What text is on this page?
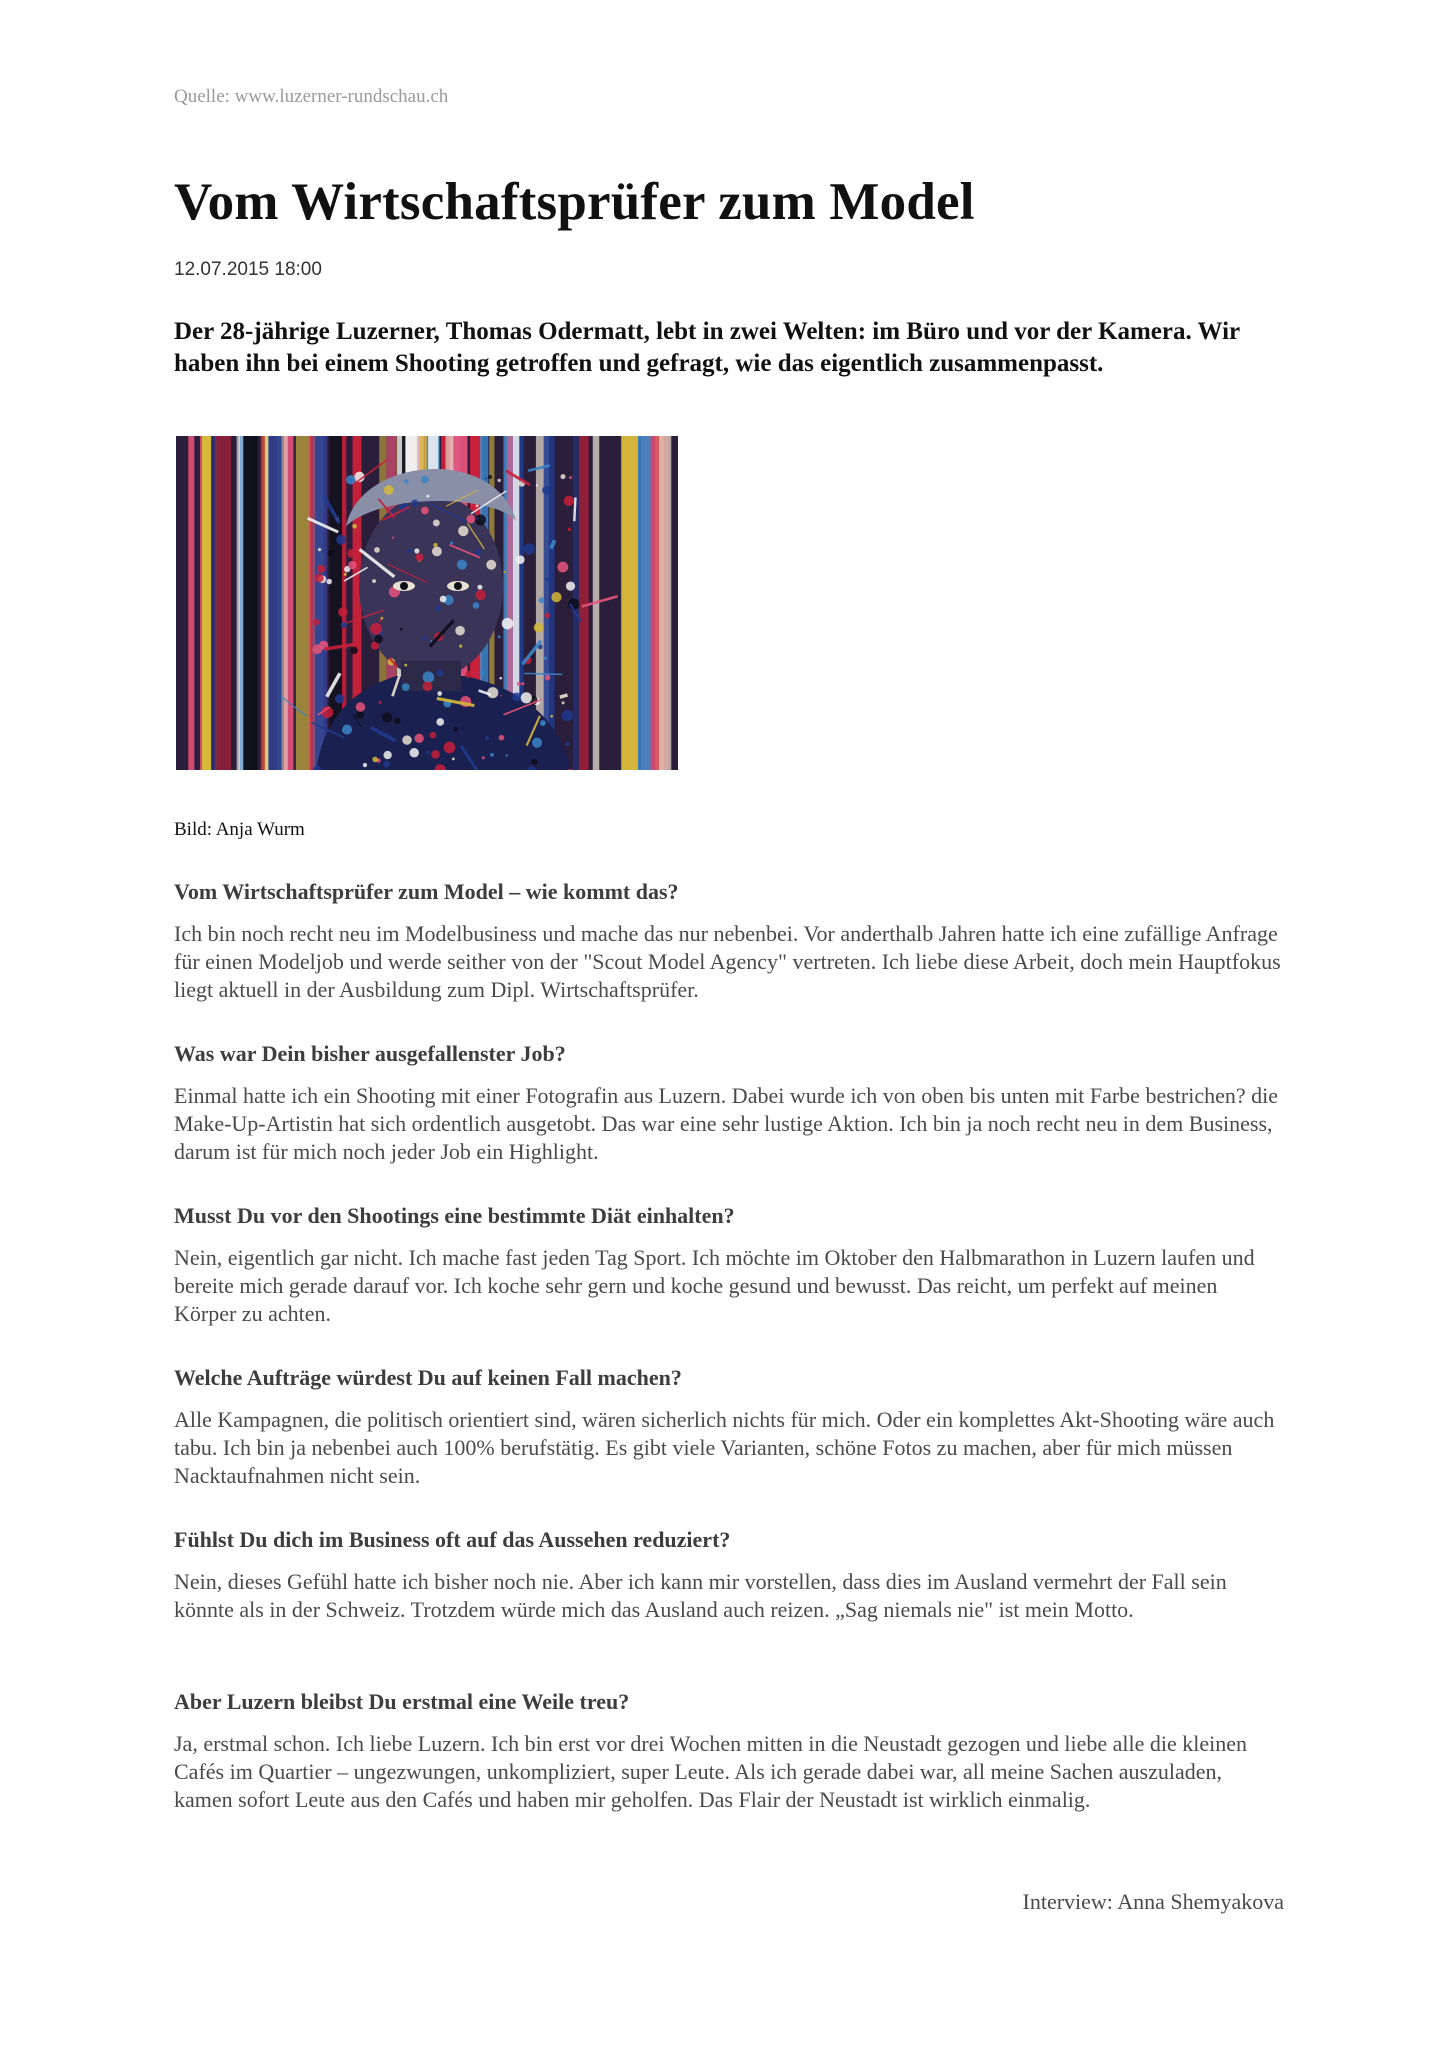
Quelle: www.luzerner-rundschau.ch
Vom Wirtschaftsprüfer zum Model
12.07.2015 18:00

Der 28-jährige Luzerner, Thomas Odermatt, lebt in zwei Welten: im Büro und vor der Kamera. Wir haben ihn bei einem Shooting getroffen und gefragt, wie das eigentlich zusammenpasst.

Bild: Anja Wurm

Vom Wirtschaftsprüfer zum Model – wie kommt das?

Ich bin noch recht neu im Modelbusiness und mache das nur nebenbei. Vor anderthalb Jahren hatte ich eine zufällige Anfrage für einen Modeljob und werde seither von der "Scout Model Agency" vertreten. Ich liebe diese Arbeit, doch mein Hauptfokus liegt aktuell in der Ausbildung zum Dipl. Wirtschaftsprüfer.

Was war Dein bisher ausgefallenster Job?

Einmal hatte ich ein Shooting mit einer Fotografin aus Luzern. Dabei wurde ich von oben bis unten mit Farbe bestrichen? die Make-Up-Artistin hat sich ordentlich ausgetobt. Das war eine sehr lustige Aktion. Ich bin ja noch recht neu in dem Business, darum ist für mich noch jeder Job ein Highlight.

Musst Du vor den Shootings eine bestimmte Diät einhalten?

Nein, eigentlich gar nicht. Ich mache fast jeden Tag Sport. Ich möchte im Oktober den Halbmarathon in Luzern laufen und bereite mich gerade darauf vor. Ich koche sehr gern und koche gesund und bewusst. Das reicht, um perfekt auf meinen Körper zu achten.

Welche Aufträge würdest Du auf keinen Fall machen?

Alle Kampagnen, die politisch orientiert sind, wären sicherlich nichts für mich. Oder ein komplettes Akt-Shooting wäre auch tabu. Ich bin ja nebenbei auch 100% berufstätig. Es gibt viele Varianten, schöne Fotos zu machen, aber für mich müssen Nacktaufnahmen nicht sein.

Fühlst Du dich im Business oft auf das Aussehen reduziert?

Nein, dieses Gefühl hatte ich bisher noch nie. Aber ich kann mir vorstellen, dass dies im Ausland vermehrt der Fall sein könnte als in der Schweiz. Trotzdem würde mich das Ausland auch reizen. „Sag niemals nie" ist mein Motto.

Aber Luzern bleibst Du erstmal eine Weile treu?

Ja, erstmal schon. Ich liebe Luzern. Ich bin erst vor drei Wochen mitten in die Neustadt gezogen und liebe alle die kleinen Cafés im Quartier – ungezwungen, unkompliziert, super Leute. Als ich gerade dabei war, all meine Sachen auszuladen, kamen sofort Leute aus den Cafés und haben mir geholfen. Das Flair der Neustadt ist wirklich einmalig.

Interview: Anna Shemyakova
